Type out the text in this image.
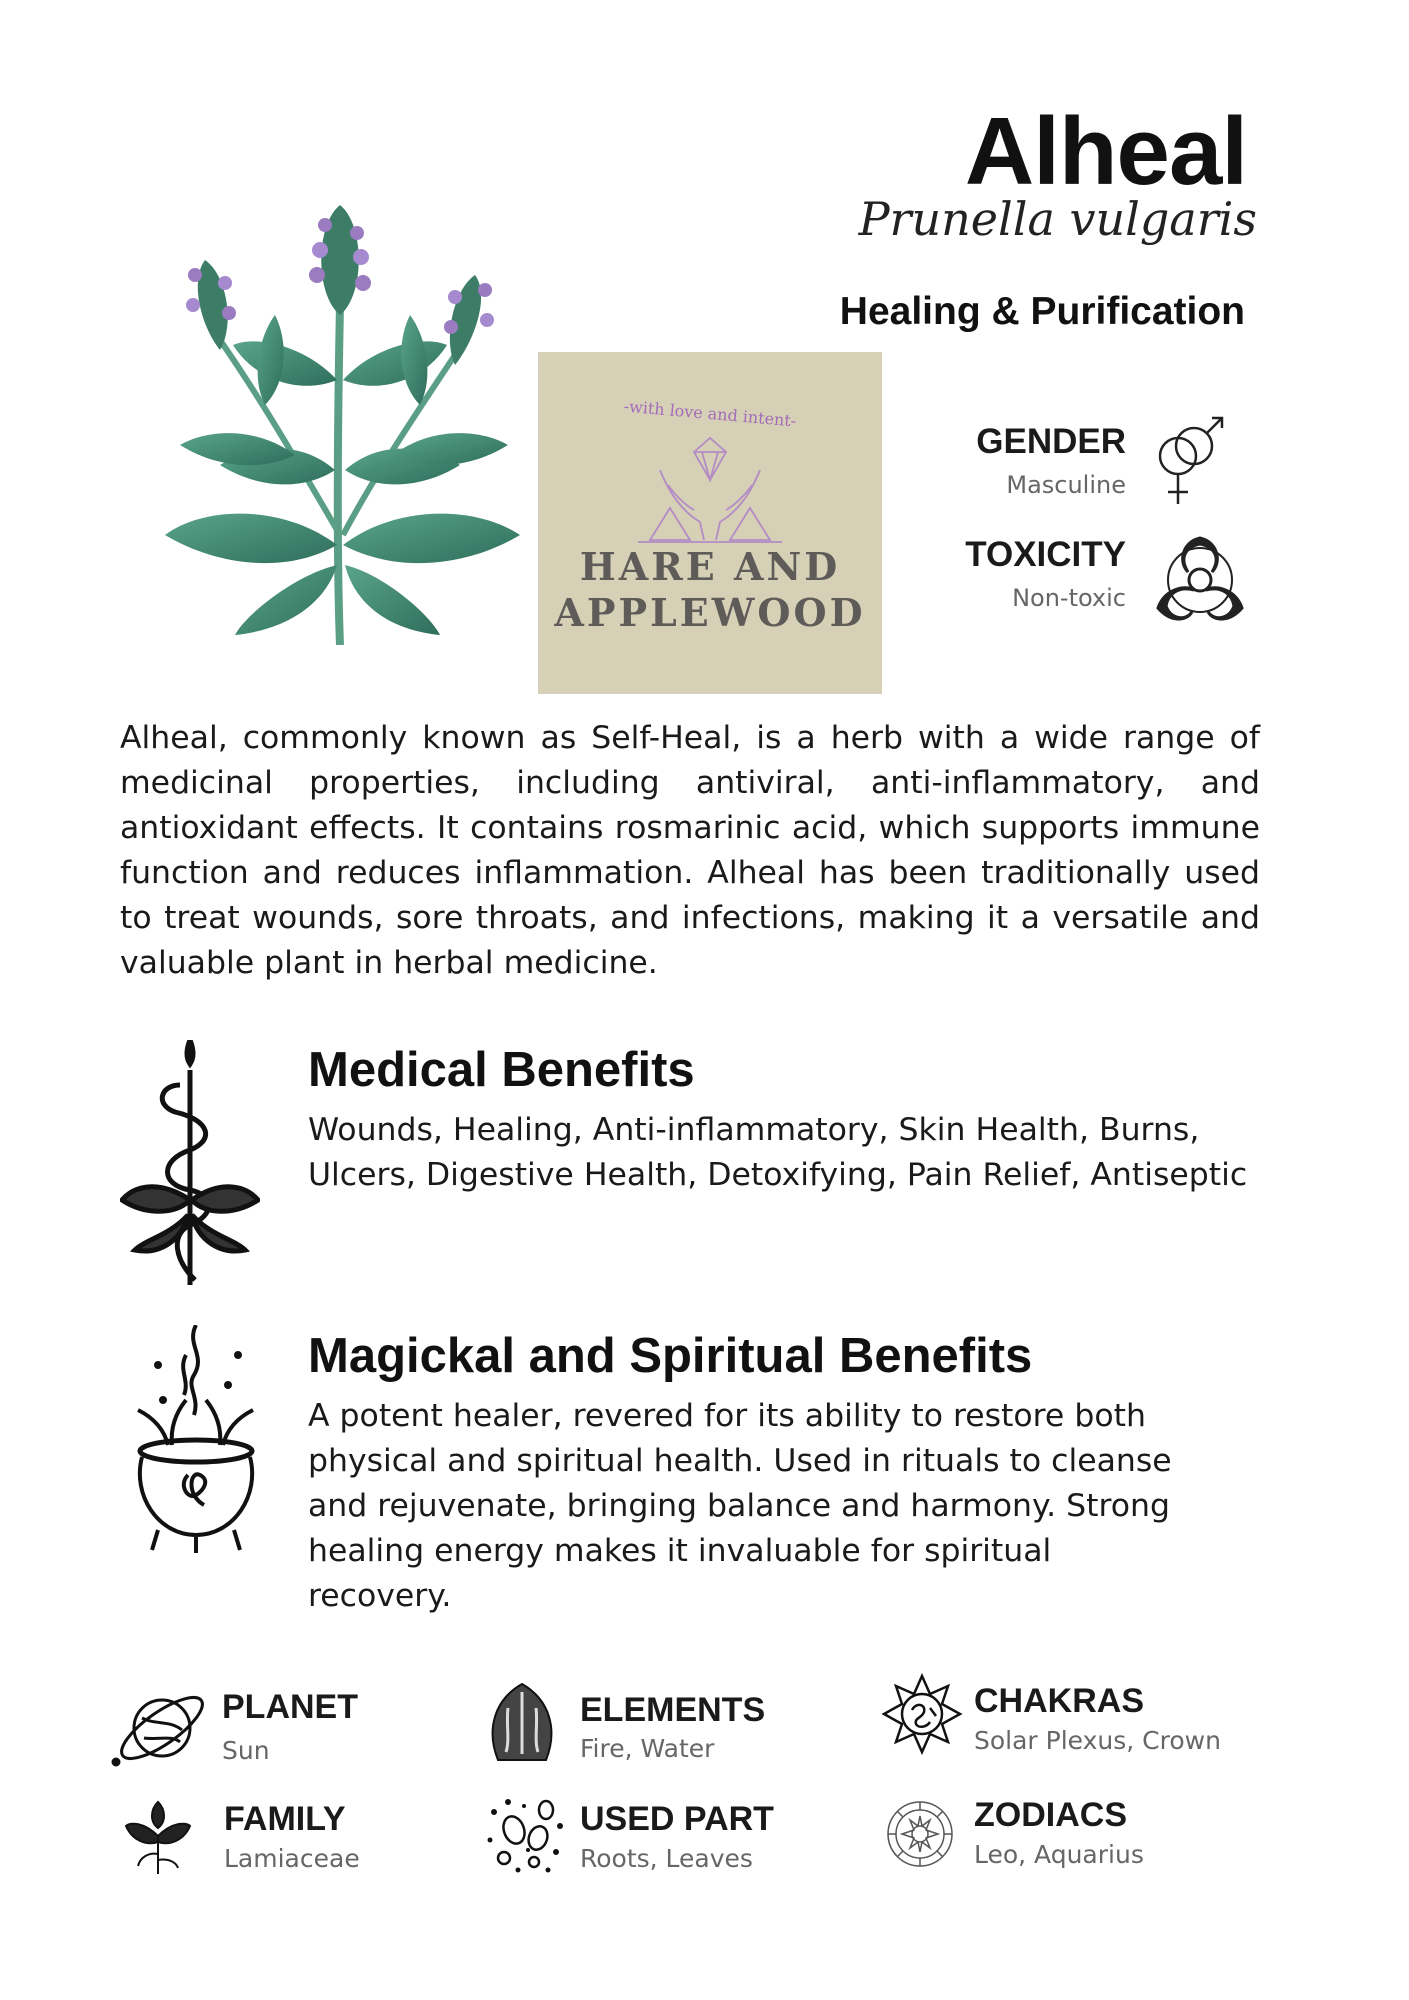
Alheal
Prunella vulgaris
Healing & Purification
-with love and intent-
HARE AND
APPLEWOOD
GENDER
Masculine
TOXICITY
Non-toxic
Alheal, commonly known as Self-Heal, is a herb with a wide range of medicinal properties, including antiviral, anti-inflammatory, and antioxidant effects. It contains rosmarinic acid, which supports immune function and reduces inflammation. Alheal has been traditionally used to treat wounds, sore throats, and infections, making it a versatile and valuable plant in herbal medicine.
Medical Benefits
Wounds, Healing, Anti-inflammatory, Skin Health, Burns,
Ulcers, Digestive Health, Detoxifying, Pain Relief, Antiseptic
Magickal and Spiritual Benefits
A potent healer, revered for its ability to restore both
physical and spiritual health. Used in rituals to cleanse
and rejuvenate, bringing balance and harmony. Strong
healing energy makes it invaluable for spiritual
recovery.
PLANET
Sun
ELEMENTS
Fire, Water
CHAKRAS
Solar Plexus, Crown
FAMILY
Lamiaceae
USED PART
Roots, Leaves
ZODIACS
Leo, Aquarius
